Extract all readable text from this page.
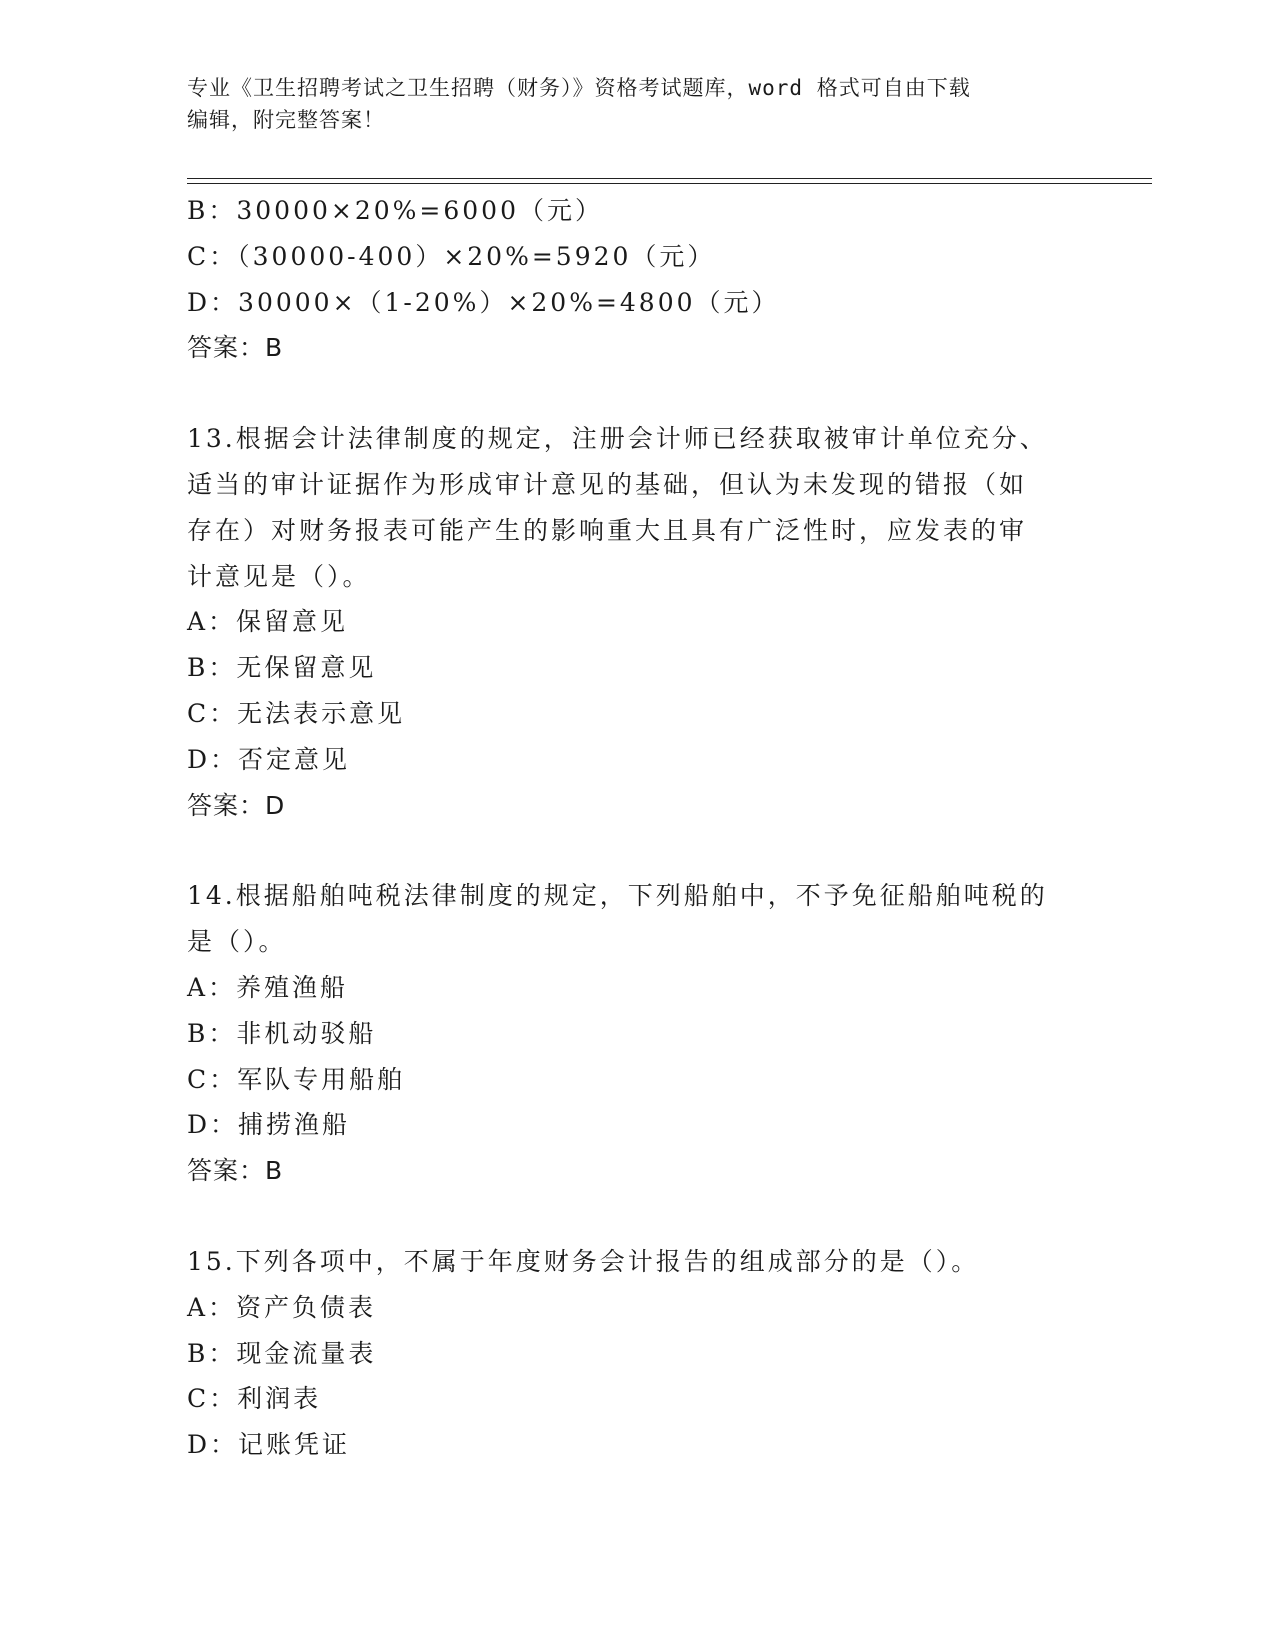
专业《卫生招聘考试之卫生招聘（财务）》资格考试题库，word 格式可自由下载
编辑，附完整答案！
B：30000×20%=6000（元）
C：（30000-400）×20%=5920（元）
D：30000×（1-20%）×20%=4800（元）
答案：B
13.根据会计法律制度的规定，注册会计师已经获取被审计单位充分、
适当的审计证据作为形成审计意见的基础，但认为未发现的错报（如
存在）对财务报表可能产生的影响重大且具有广泛性时，应发表的审
计意见是（）。
A：保留意见
B：无保留意见
C：无法表示意见
D：否定意见
答案：D
14.根据船舶吨税法律制度的规定，下列船舶中，不予免征船舶吨税的
是（）。
A：养殖渔船
B：非机动驳船
C：军队专用船舶
D：捕捞渔船
答案：B
15.下列各项中，不属于年度财务会计报告的组成部分的是（）。
A：资产负债表
B：现金流量表
C：利润表
D：记账凭证
